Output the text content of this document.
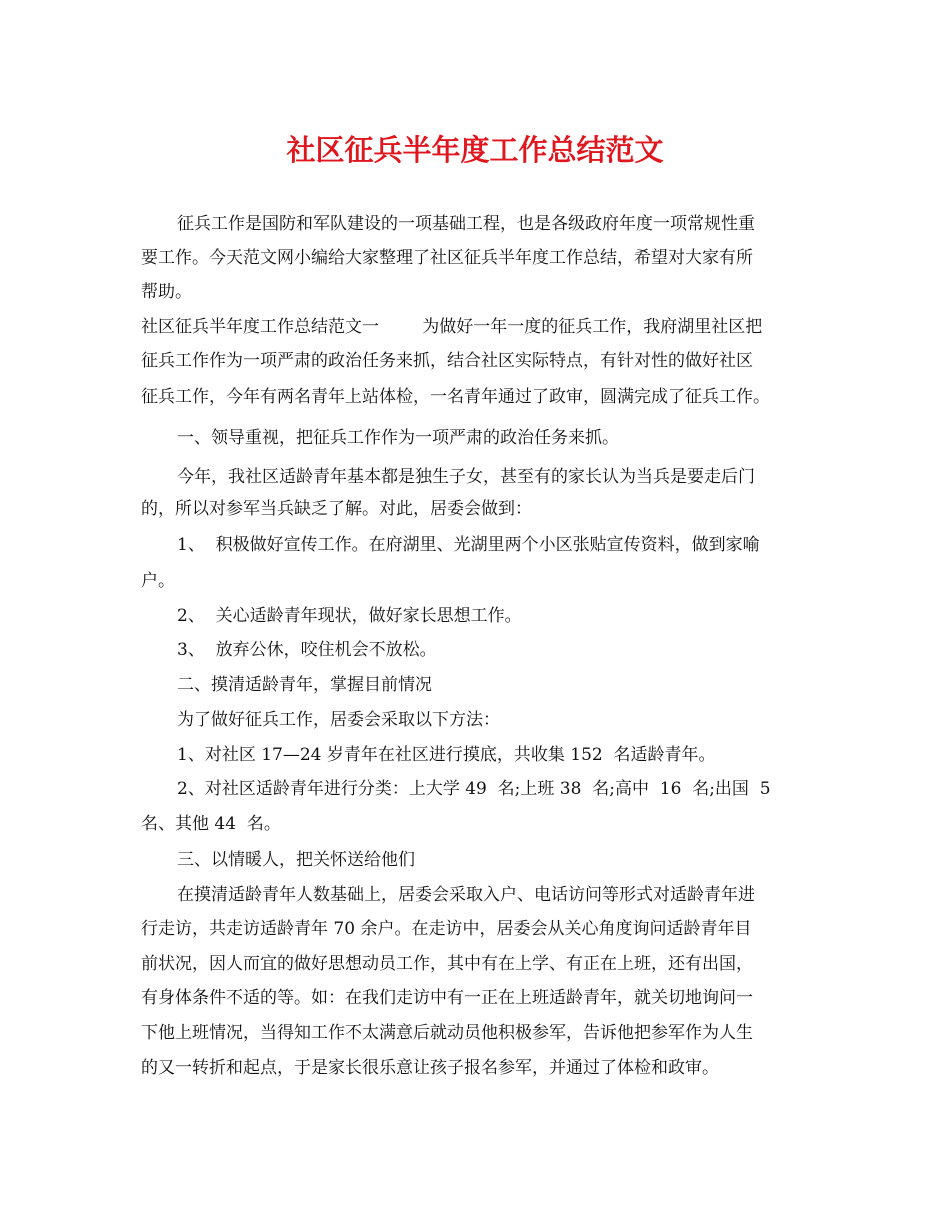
社区征兵半年度工作总结范文

征兵工作是国防和军队建设的一项基础工程，也是各级政府年度一项常规性重

要工作。今天范文网小编给大家整理了社区征兵半年度工作总结，希望对大家有所

帮助。

社区征兵半年度工作总结范文一        为做好一年一度的征兵工作，我府湖里社区把

征兵工作作为一项严肃的政治任务来抓，结合社区实际特点，有针对性的做好社区

征兵工作，今年有两名青年上站体检，一名青年通过了政审，圆满完成了征兵工作。

一、领导重视，把征兵工作作为一项严肃的政治任务来抓。

今年，我社区适龄青年基本都是独生子女，甚至有的家长认为当兵是要走后门

的，所以对参军当兵缺乏了解。对此，居委会做到：

1、  积极做好宣传工作。在府湖里、光湖里两个小区张贴宣传资料，做到家喻

户。

2、  关心适龄青年现状，做好家长思想工作。

3、  放弃公休，咬住机会不放松。

二、摸清适龄青年，掌握目前情况

为了做好征兵工作，居委会采取以下方法：

1、对社区 17—24 岁青年在社区进行摸底，共收集 152  名适龄青年。

2、对社区适龄青年进行分类：上大学 49  名;上班 38  名;高中  16  名;出国  5

名、其他 44  名。

三、以情暖人，把关怀送给他们

在摸清适龄青年人数基础上，居委会采取入户、电话访问等形式对适龄青年进

行走访，共走访适龄青年 70 余户。在走访中，居委会从关心角度询问适龄青年目

前状况，因人而宜的做好思想动员工作，其中有在上学、有正在上班，还有出国，

有身体条件不适的等。如：在我们走访中有一正在上班适龄青年，就关切地询问一

下他上班情况，当得知工作不太满意后就动员他积极参军，告诉他把参军作为人生

的又一转折和起点，于是家长很乐意让孩子报名参军，并通过了体检和政审。
